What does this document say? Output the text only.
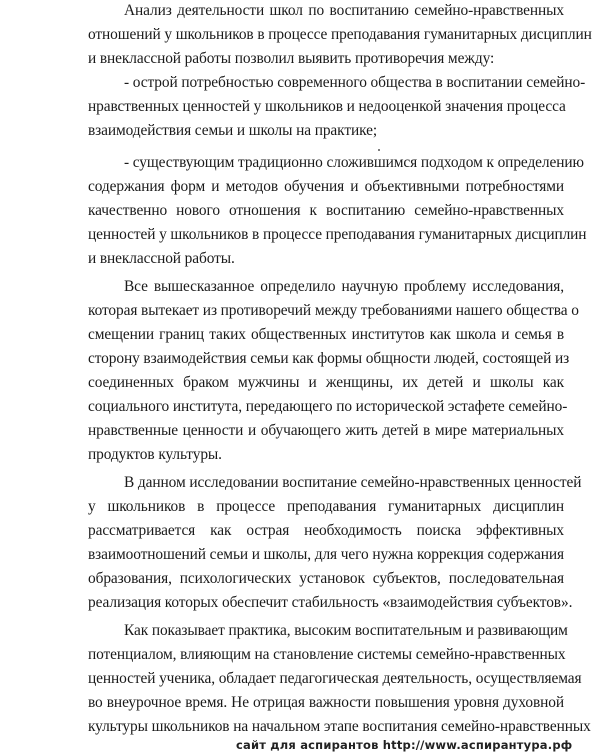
Анализ деятельности школ по воспитанию семейно-нравственных
отношений у школьников в процессе преподавания гуманитарных дисциплин
и внеклассной работы позволил выявить противоречия между:
- острой потребностью современного общества в воспитании семейно-
нравственных ценностей у школьников и недооценкой значения процесса
взаимодействия семьи и школы на практике;
- существующим традиционно сложившимся подходом к определению
содержания форм и методов обучения и объективными потребностями
качественно нового отношения к воспитанию семейно-нравственных
ценностей у школьников в процессе преподавания гуманитарных дисциплин
и внеклассной работы.
Все вышесказанное определило научную проблему исследования,
которая вытекает из противоречий между требованиями нашего общества о
смещении границ таких общественных институтов как школа и семья в
сторону взаимодействия семьи как формы общности людей, состоящей из
соединенных браком мужчины и женщины, их детей и школы как
социального института, передающего по исторической эстафете семейно-
нравственные ценности и обучающего жить детей в мире материальных
продуктов культуры.
В данном исследовании воспитание семейно-нравственных ценностей
у школьников в процессе преподавания гуманитарных дисциплин
рассматривается как острая необходимость поиска эффективных
взаимоотношений семьи и школы, для чего нужна коррекция содержания
образования, психологических установок субъектов, последовательная
реализация которых обеспечит стабильность «взаимодействия субъектов».
Как показывает практика, высоким воспитательным и развивающим
потенциалом, влияющим на становление системы семейно-нравственных
ценностей ученика, обладает педагогическая деятельность, осуществляемая
во внеурочное время. Не отрицая важности повышения уровня духовной
культуры школьников на начальном этапе воспитания семейно-нравственных
сайт для аспирантов http://www.аспирантура.рф
